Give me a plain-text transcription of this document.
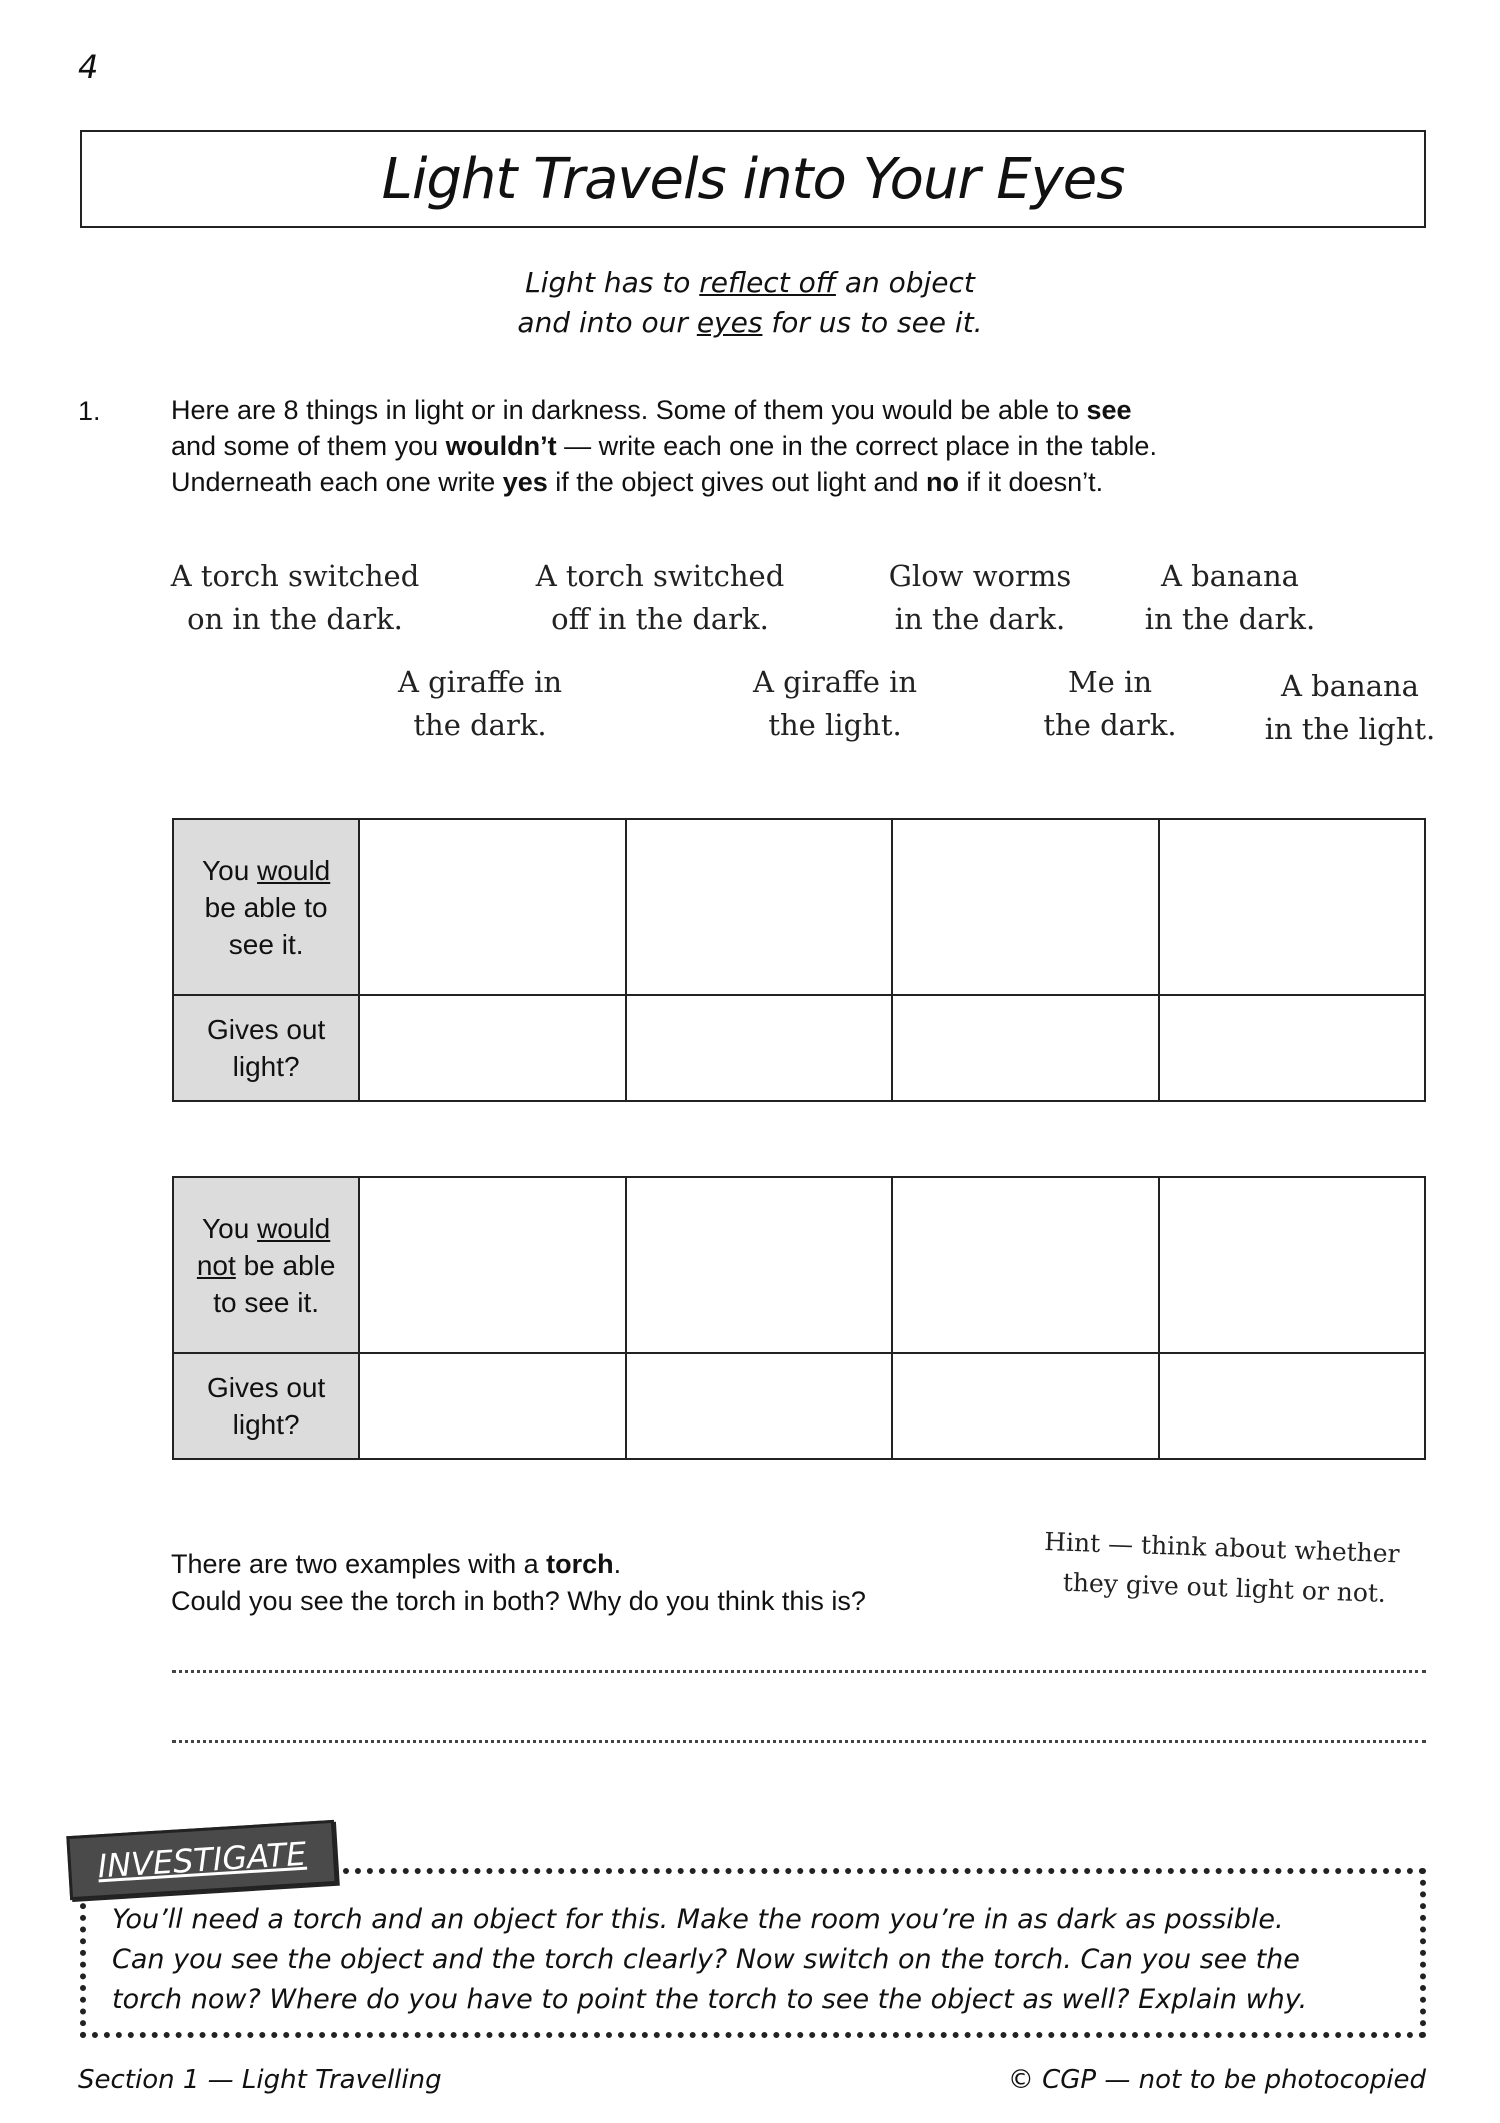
4
Light Travels into Your Eyes
Light has to reflect off an object
and into our eyes for us to see it.
1.	Here are 8 things in light or in darkness. Some of them you would be able to see
and some of them you wouldn’t — write each one in the correct place in the table.
Underneath each one write yes if the object gives out light and no if it doesn’t.
A torch switched
on in the dark.
A torch switched
off in the dark.
Glow worms
in the dark.
A banana
in the dark.
A giraffe in
the dark.
A giraffe in
the light.
Me in
the dark.
A banana
in the light.
You would
be able to
see it.				

Gives out
light?				

You would
not be able
to see it.				

Gives out
light?				

There are two examples with a torch.
Could you see the torch in both? Why do you think this is?
Hint — think about whether
they give out light or not.
INVESTIGATE
You’ll need a torch and an object for this. Make the room you’re in as dark as possible.
Can you see the object and the torch clearly? Now switch on the torch. Can you see the
torch now? Where do you have to point the torch to see the object as well? Explain why.
Section 1 — Light Travelling	© CGP — not to be photocopied
